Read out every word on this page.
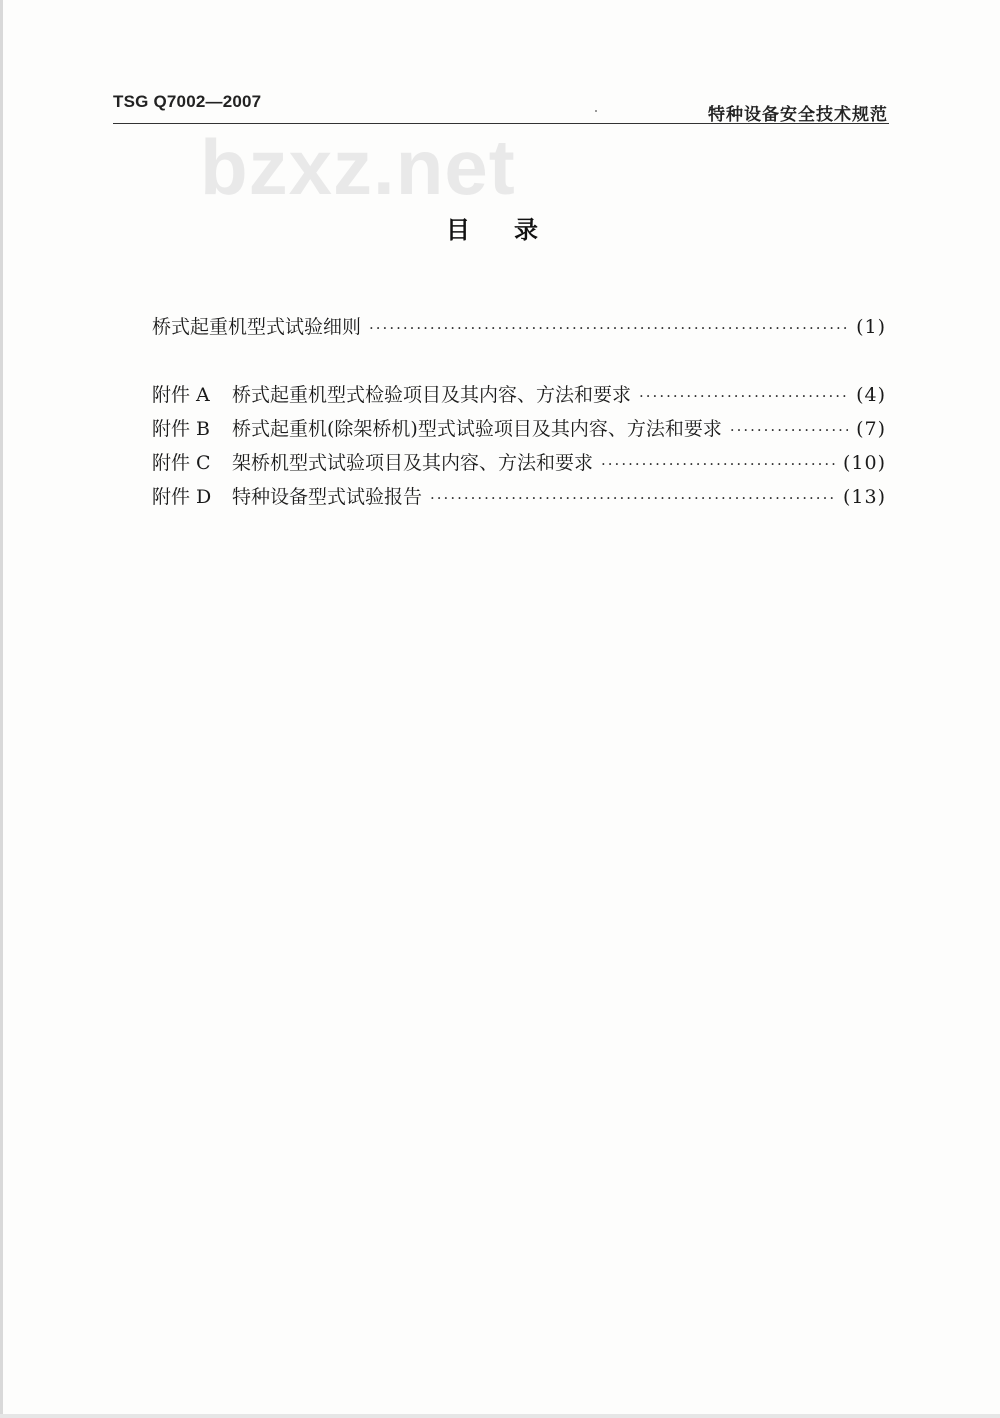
TSG Q7002—2007
特种设备安全技术规范
bzxz.net
目录
桥式起重机型式试验细则 ·····	(1)
附件 A	桥式起重机型式检验项目及其内容、方法和要求 ·····	(4)
附件 B	桥式起重机(除架桥机)型式试验项目及其内容、方法和要求 ·····	(7)
附件 C	架桥机型式试验项目及其内容、方法和要求 ·····	(10)
附件 D	特种设备型式试验报告 ·····	(13)
